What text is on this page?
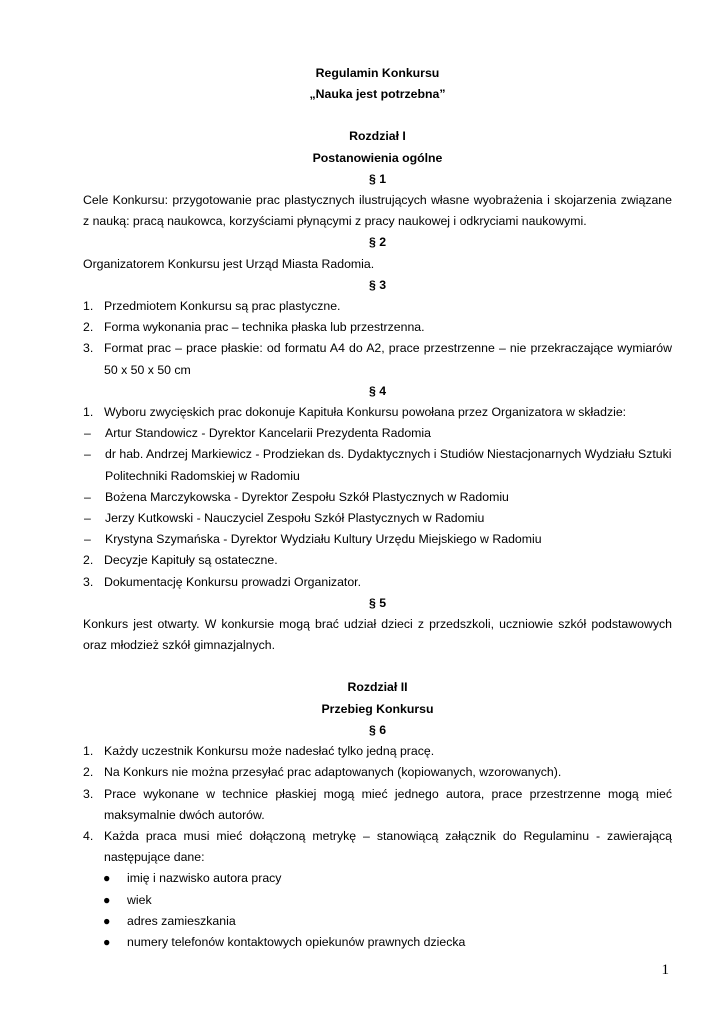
Regulamin Konkursu
„Nauka jest potrzebna”
Rozdział I
Postanowienia ogólne
§ 1
Cele Konkursu: przygotowanie prac plastycznych ilustrujących własne wyobrażenia i skojarzenia związane z nauką: pracą naukowca, korzyściami płynącymi z pracy naukowej i odkryciami naukowymi.
§ 2
Organizatorem Konkursu jest Urząd Miasta Radomia.
§ 3
1. Przedmiotem Konkursu są prac plastyczne.
2. Forma wykonania prac – technika płaska lub przestrzenna.
3. Format prac – prace płaskie: od formatu A4 do A2, prace przestrzenne – nie przekraczające wymiarów 50 x 50 x 50 cm
§ 4
1. Wyboru zwycięskich prac dokonuje Kapituła Konkursu powołana przez Organizatora w składzie:
–	Artur Standowicz - Dyrektor Kancelarii Prezydenta Radomia
–	dr hab. Andrzej Markiewicz - Prodziekan ds. Dydaktycznych i Studiów Niestacjonarnych Wydziału Sztuki Politechniki Radomskiej w Radomiu
–	Bożena Marczykowska - Dyrektor Zespołu Szkół Plastycznych w Radomiu
–	Jerzy Kutkowski - Nauczyciel Zespołu Szkół Plastycznych w Radomiu
–	Krystyna Szymańska - Dyrektor Wydziału Kultury Urzędu Miejskiego w Radomiu
2. Decyzje Kapituły są ostateczne.
3. Dokumentację Konkursu prowadzi Organizator.
§ 5
Konkurs jest otwarty. W konkursie mogą brać udział dzieci z przedszkoli, uczniowie szkół podstawowych oraz młodzież szkół gimnazjalnych.
Rozdział II
Przebieg Konkursu
§ 6
1. Każdy uczestnik Konkursu może nadesłać tylko jedną pracę.
2. Na Konkurs nie można przesyłać prac adaptowanych (kopiowanych, wzorowanych).
3. Prace wykonane w technice płaskiej mogą mieć jednego autora, prace przestrzenne mogą mieć maksymalnie dwóch autorów.
4. Każda praca musi mieć dołączoną metrykę – stanowiącą załącznik do Regulaminu - zawierającą następujące dane:
●	imię i nazwisko autora pracy
●	wiek
●	adres zamieszkania
●	numery telefonów kontaktowych opiekunów prawnych dziecka
1
